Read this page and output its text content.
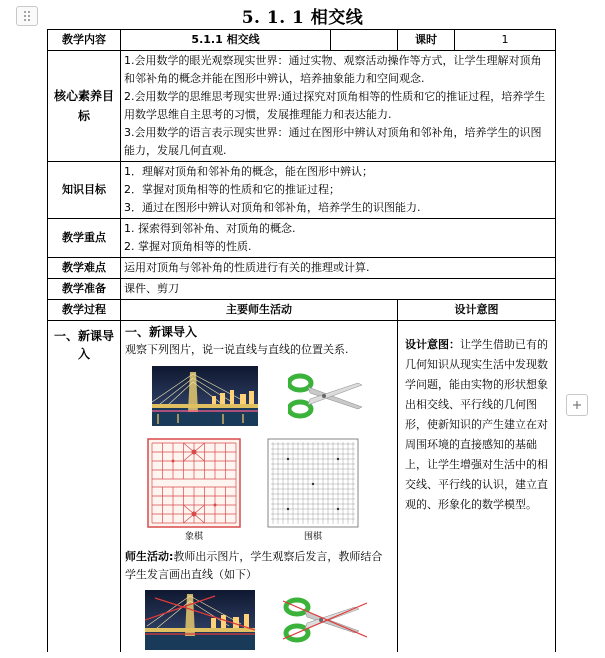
5. 1. 1 相交线
教学内容	5.1.1 相交线		课时	1
核心素养目标	1.会用数学的眼光观察现实世界：通过实物、观察活动操作等方式，让学生理解对顶角和邻补角的概念并能在图形中辨认，培养抽象能力和空间观念.
2.会用数学的思维思考现实世界:通过探究对顶角相等的性质和它的推证过程，培养学生用数学思维自主思考的习惯，发展推理能力和表达能力.
3.会用数学的语言表示现实世界：通过在图形中辨认对顶角和邻补角，培养学生的识图能力，发展几何直观.			

知识目标	1．理解对顶角和邻补角的概念，能在图形中辨认；
2．掌握对顶角相等的性质和它的推证过程；
3．通过在图形中辨认对顶角和邻补角，培养学生的识图能力.			

教学重点	1. 探索得到邻补角、对顶角的概念.
2. 掌握对顶角相等的性质.			

教学难点	运用对顶角与邻补角的性质进行有关的推理或计算.			
教学准备	课件、剪刀			
教学过程	主要师生活动		设计意图	
一、新课导入	一、新课导入
观察下列图片，说一说直线与直线的位置关系.
象棋 围棋
师生活动:教师出示图片，学生观察后发言，教师结合学生发言画出直线（如下）		设计意图：让学生借助已有的几何知识从现实生活中发现数学问题，能由实物的形状想象出相交线、平行线的几何图形，使新知识的产生建立在对周围环境的直接感知的基础上，让学生增强对生活中的相交线、平行线的认识，建立直观的、形象化的数学模型。	
